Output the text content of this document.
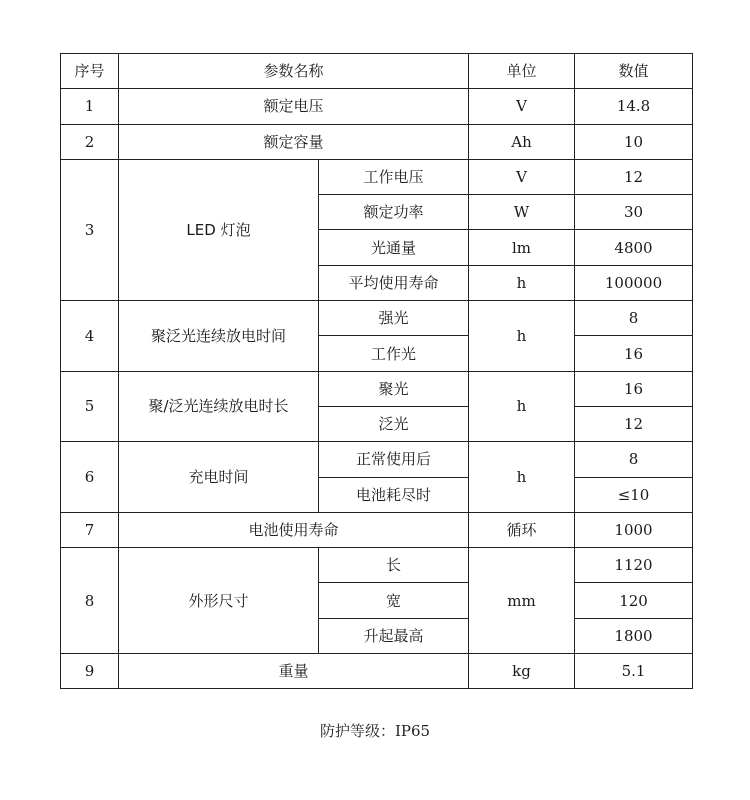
序号	参数名称		单位	数值
1	额定电压		V	14.8
2	额定容量		Ah	10
3	LED 灯泡	工作电压	V	12
		额定功率	W	30
		光通量	lm	4800
		平均使用寿命	h	100000
4	聚泛光连续放电时间	强光	h	8
		工作光		16
5	聚/泛光连续放电时长	聚光	h	16
		泛光		12
6	充电时间	正常使用后	h	8
		电池耗尽时		≤10
7	电池使用寿命		循环	1000
8	外形尺寸	长	mm	1120
		宽		120
		升起最高		1800
9	重量		kg	5.1
防护等级：IP65
